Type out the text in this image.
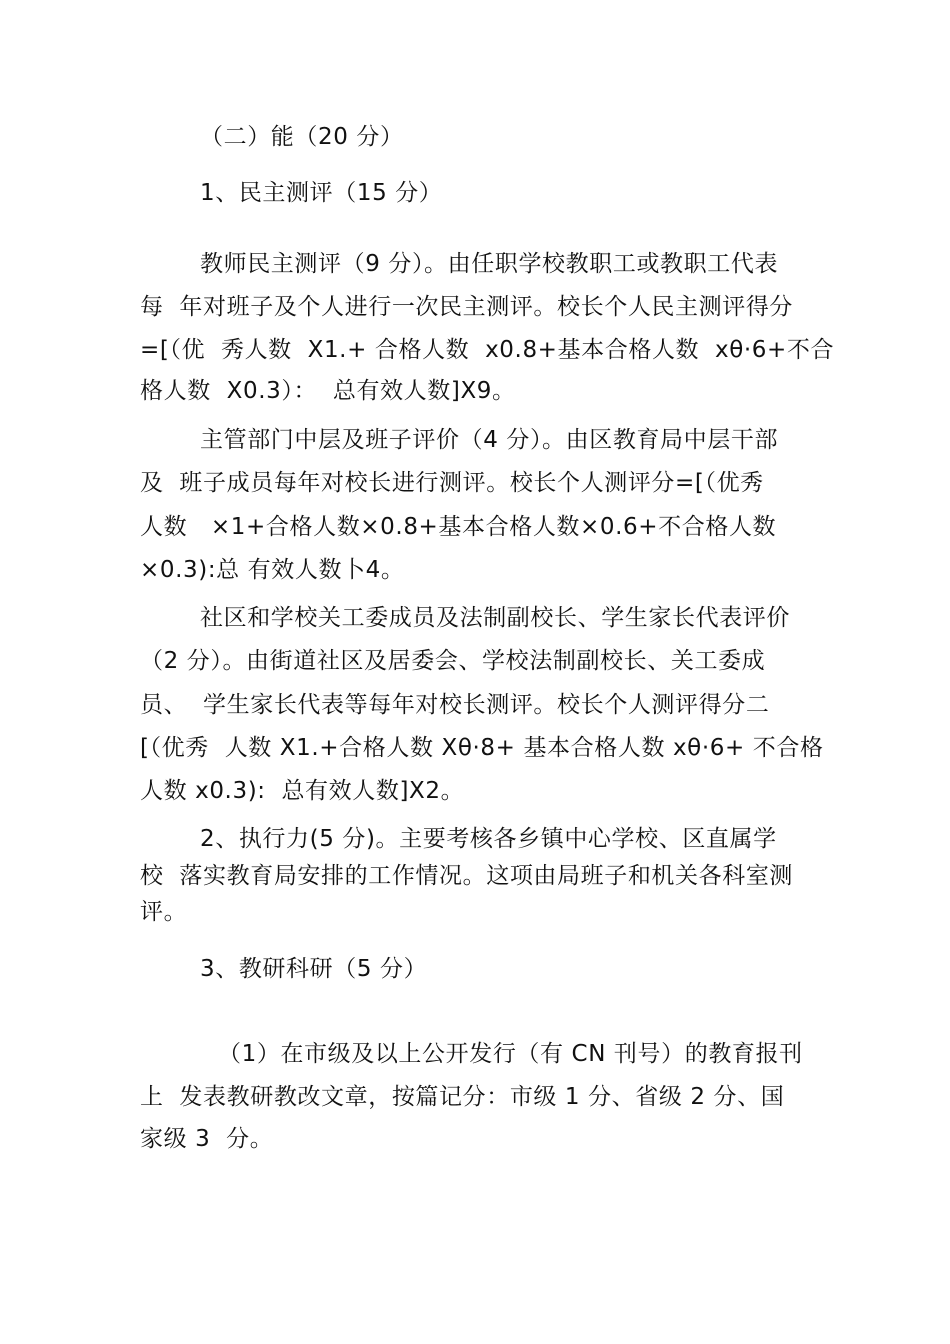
（二）能（20 分）
1、民主测评（15 分）
教师民主测评（9 分）。由任职学校教职工或教职工代表
每  年对班子及个人进行一次民主测评。校长个人民主测评得分
=[（优  秀人数  X1.+ 合格人数  x0.8+基本合格人数  xθ·6+不合
格人数  X0.3）：  总有效人数]X9。
主管部门中层及班子评价（4 分）。由区教育局中层干部
及  班子成员每年对校长进行测评。校长个人测评分=[（优秀
人数   ×1+合格人数×0.8+基本合格人数×0.6+不合格人数
×0.3):总 有效人数卜4。
社区和学校关工委成员及法制副校长、学生家长代表评价
（2 分）。由街道社区及居委会、学校法制副校长、关工委成
员、  学生家长代表等每年对校长测评。校长个人测评得分二
[（优秀  人数 X1.+合格人数 Xθ·8+ 基本合格人数 xθ·6+ 不合格
人数 x0.3):  总有效人数]X2。
2、执行力(5 分)。主要考核各乡镇中心学校、区直属学
校  落实教育局安排的工作情况。这项由局班子和机关各科室测
评。
3、教研科研（5 分）
（1）在市级及以上公开发行（有 CN 刊号）的教育报刊
上  发表教研教改文章，按篇记分：市级 1 分、省级 2 分、国
家级 3  分。
